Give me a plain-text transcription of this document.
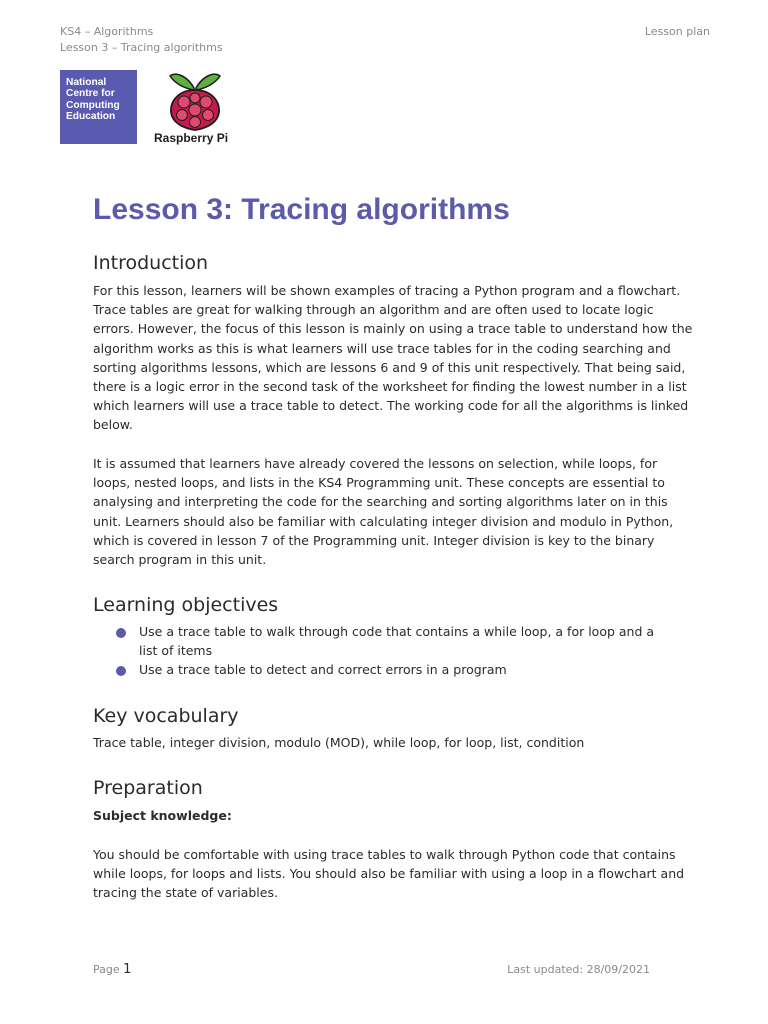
KS4 – Algorithms
Lesson 3 – Tracing algorithms
Lesson plan
National
Centre for
Computing
Education
Raspberry Pi
Lesson 3: Tracing algorithms
Introduction

For this lesson, learners will be shown examples of tracing a Python program and a flowchart. Trace tables are great for walking through an algorithm and are often used to locate logic errors. However, the focus of this lesson is mainly on using a trace table to understand how the algorithm works as this is what learners will use trace tables for in the coding searching and sorting algorithms lessons, which are lessons 6 and 9 of this unit respectively. That being said, there is a logic error in the second task of the worksheet for finding the lowest number in a list which learners will use a trace table to detect. The working code for all the algorithms is linked below.

It is assumed that learners have already covered the lessons on selection, while loops, for loops, nested loops, and lists in the KS4 Programming unit. These concepts are essential to analysing and interpreting the code for the searching and sorting algorithms later on in this unit. Learners should also be familiar with calculating integer division and modulo in Python, which is covered in lesson 7 of the Programming unit. Integer division is key to the binary search program in this unit.

Learning objectives
Use a trace table to walk through code that contains a while loop, a for loop and a list of items
Use a trace table to detect and correct errors in a program
Key vocabulary

Trace table, integer division, modulo (MOD), while loop, for loop, list, condition

Preparation

Subject knowledge:

You should be comfortable with using trace tables to walk through Python code that contains while loops, for loops and lists. You should also be familiar with using a loop in a flowchart and tracing the state of variables.

Page 1	Last updated: 28/09/2021
